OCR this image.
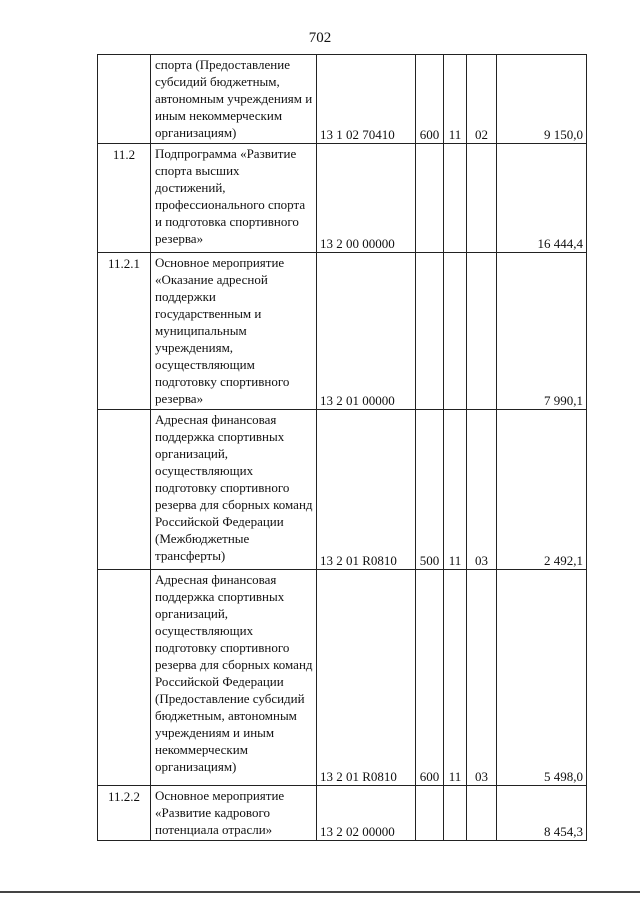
702
	спорта (Предоставление субсидий бюджетным, автономным учреждениям и иным некоммерческим организациям)	13 1 02 70410	600	11	02	9 150,0
11.2	Подпрограмма «Развитие спорта высших достижений, профессионального спорта и подготовка спортивного резерва»	13 2 00 00000				16 444,4
11.2.1	Основное мероприятие «Оказание адресной поддержки государственным и муниципальным учреждениям, осуществляющим подготовку спортивного резерва»	13 2 01 00000				7 990,1
	Адресная финансовая поддержка спортивных организаций, осуществляющих подготовку спортивного резерва для сборных команд Российской Федерации (Межбюджетные трансферты)	13 2 01 R0810	500	11	03	2 492,1
	Адресная финансовая поддержка спортивных организаций, осуществляющих подготовку спортивного резерва для сборных команд Российской Федерации (Предоставление субсидий бюджетным, автономным учреждениям и иным некоммерческим организациям)	13 2 01 R0810	600	11	03	5 498,0
11.2.2	Основное мероприятие «Развитие кадрового потенциала отрасли»	13 2 02 00000				8 454,3
